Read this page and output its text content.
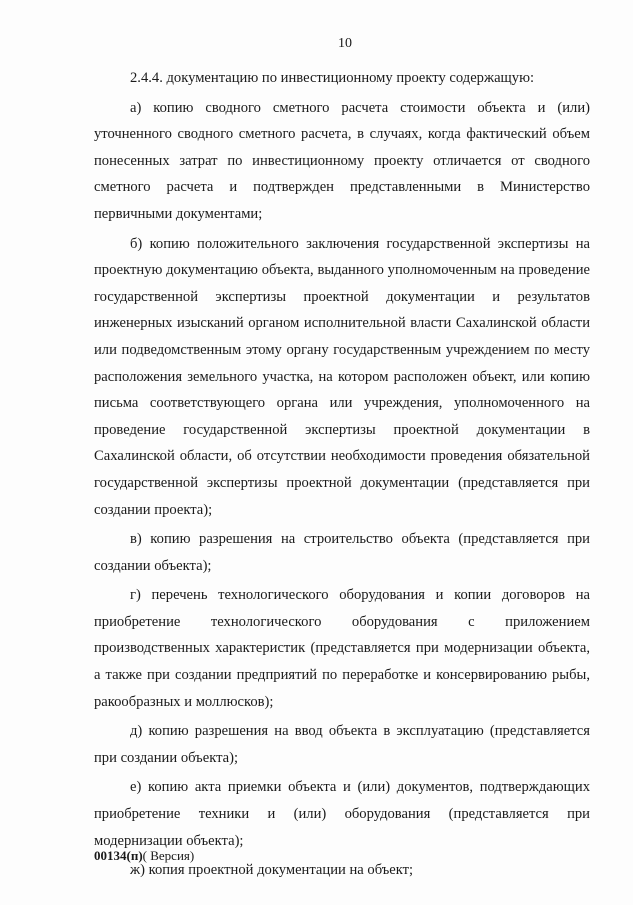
10

2.4.4. документацию по инвестиционному проекту содержащую:

а) копию сводного сметного расчета стоимости объекта и (или) уточненного сводного сметного расчета, в случаях, когда фактический объем понесенных затрат по инвестиционному проекту отличается от сводного сметного расчета и подтвержден представленными в Министерство первичными документами;

б) копию положительного заключения государственной экспертизы на проектную документацию объекта, выданного уполномоченным на проведение государственной экспертизы проектной документации и результатов инженерных изысканий органом исполнительной власти Сахалинской области или подведомственным этому органу государственным учреждением по месту расположения земельного участка, на котором расположен объект, или копию письма соответствующего органа или учреждения, уполномоченного на проведение государственной экспертизы проектной документации в Сахалинской области, об отсутствии необходимости проведения обязательной государственной экспертизы проектной документации (представляется при создании проекта);

в) копию разрешения на строительство объекта (представляется при создании объекта);

г) перечень технологического оборудования и копии договоров на приобретение технологического оборудования с приложением производственных характеристик (представляется при модернизации объекта, а также при создании предприятий по переработке и консервированию рыбы, ракообразных и моллюсков);

д) копию разрешения на ввод объекта в эксплуатацию (представляется при создании объекта);

е) копию акта приемки объекта и (или) документов, подтверждающих приобретение техники и (или) оборудования (представляется при модернизации объекта);

ж) копия проектной документации на объект;

00134(п)( Версия)
